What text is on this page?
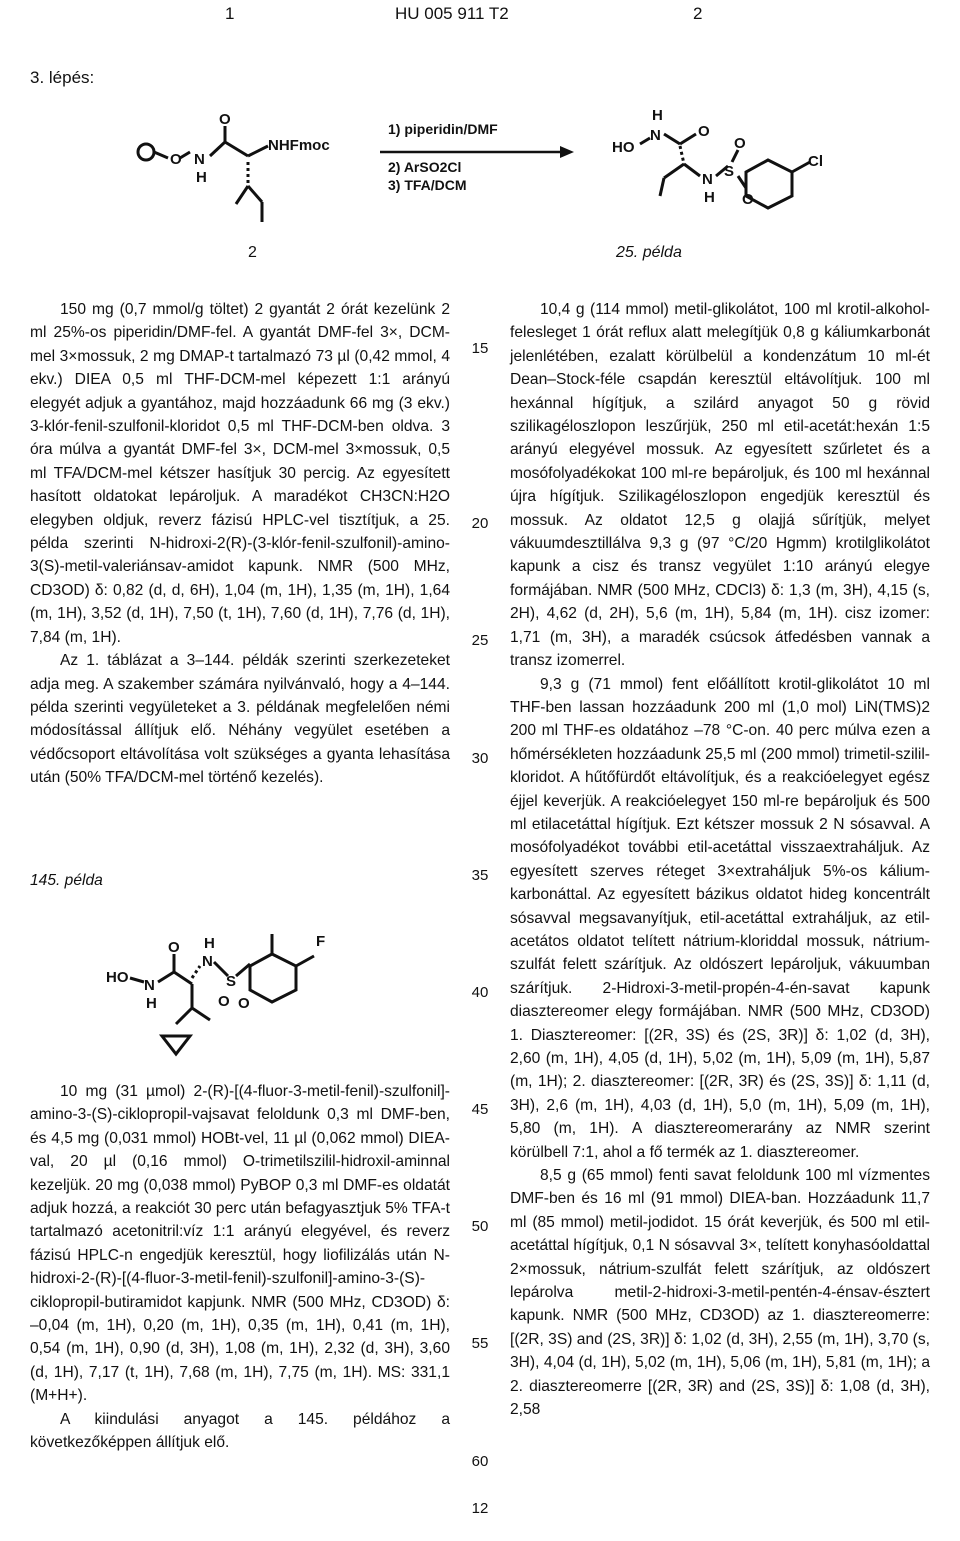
1	HU 005 911 T2	2
3. lépés:
O N
H
O
NHFmoc
1) piperidin/DMF
2) ArSO2Cl
3) TFA/DCM
HO
N
H
O
N
H
S
O
O
Cl
2	25. példa

150 mg (0,7 mmol/g töltet) 2 gyantát 2 órát kezelünk 2 ml 25%-os piperidin/DMF-fel. A gyantát DMF-fel 3×, DCM-mel 3×mossuk, 2 mg DMAP-t tartalmazó 73 µl (0,42 mmol, 4 ekv.) DIEA 0,5 ml THF-DCM-mel képezett 1:1 arányú elegyét adjuk a gyantához, majd hozzáadunk 66 mg (3 ekv.) 3-klór-fenil-szulfonil-kloridot 0,5 ml THF-DCM-ben oldva. 3 óra múlva a gyantát DMF-fel 3×, DCM-mel 3×mossuk, 0,5 ml TFA/DCM-mel kétszer hasítjuk 30 percig. Az egyesített hasított oldatokat lepároljuk. A maradékot CH3CN:H2O elegyben oldjuk, reverz fázisú HPLC-vel tisztítjuk, a 25. példa szerinti N-hidroxi-2(R)-(3-klór-fenil-szulfonil)-amino-3(S)-metil-valeriánsav-amidot kapunk. NMR (500 MHz, CD3OD) δ: 0,82 (d, d, 6H), 1,04 (m, 1H), 1,35 (m, 1H), 1,64 (m, 1H), 3,52 (d, 1H), 7,50 (t, 1H), 7,60 (d, 1H), 7,76 (d, 1H), 7,84 (m, 1H).

Az 1. táblázat a 3–144. példák szerinti szerkezeteket adja meg. A szakember számára nyilvánvaló, hogy a 4–144. példa szerinti vegyületeket a 3. példának megfelelően némi módosítással állítjuk elő. Néhány vegyület esetében a védőcsoport eltávolítása volt szükséges a gyanta lehasítása után (50% TFA/DCM-mel történő kezelés).

145. példa
HO N
H
O
N
H
S
O O
F

10 mg (31 µmol) 2-(R)-[(4-fluor-3-metil-fenil)-szulfonil]-amino-3-(S)-ciklopropil-vajsavat feloldunk 0,3 ml DMF-ben, és 4,5 mg (0,031 mmol) HOBt-vel, 11 µl (0,062 mmol) DIEA-val, 20 µl (0,16 mmol) O-trimetilszilil-hidroxil-aminnal kezeljük. 20 mg (0,038 mmol) PyBOP 0,3 ml DMF-es oldatát adjuk hozzá, a reakciót 30 perc után befagyasztjuk 5% TFA-t tartalmazó acetonitril:víz 1:1 arányú elegyével, és reverz fázisú HPLC-n engedjük keresztül, hogy liofilizálás után N-hidroxi-2-(R)-[(4-fluor-3-metil-fenil)-szulfonil]-amino-3-(S)-ciklopropil-butiramidot kapjunk. NMR (500 MHz, CD3OD) δ: –0,04 (m, 1H), 0,20 (m, 1H), 0,35 (m, 1H), 0,41 (m, 1H), 0,54 (m, 1H), 0,90 (d, 3H), 1,08 (m, 1H), 2,32 (d, 3H), 3,60 (d, 1H), 7,17 (t, 1H), 7,68 (m, 1H), 7,75 (m, 1H). MS: 331,1 (M+H+).

A kiindulási anyagot a 145. példához a következőképpen állítjuk elő.

15
20
25
30
35
40
45
50
55
60

10,4 g (114 mmol) metil-glikolátot, 100 ml krotil-alkohol-felesleget 1 órát reflux alatt melegítjük 0,8 g káliumkarbonát jelenlétében, ezalatt körülbelül a kondenzátum 10 ml-ét Dean–Stock-féle csapdán keresztül eltávolítjuk. 100 ml hexánnal hígítjuk, a szilárd anyagot 50 g rövid szilikagéloszlopon leszűrjük, 250 ml etil-acetát:hexán 1:5 arányú elegyével mossuk. Az egyesített szűrletet és a mosófolyadékokat 100 ml-re bepároljuk, és 100 ml hexánnal újra hígítjuk. Szilikagéloszlopon engedjük keresztül és mossuk. Az oldatot 12,5 g olajjá sűrítjük, melyet vákuumdesztillálva 9,3 g (97 °C/20 Hgmm) krotilglikolátot kapunk a cisz és transz vegyület 1:10 arányú elegye formájában. NMR (500 MHz, CDCl3) δ: 1,3 (m, 3H), 4,15 (s, 2H), 4,62 (d, 2H), 5,6 (m, 1H), 5,84 (m, 1H). cisz izomer: 1,71 (m, 3H), a maradék csúcsok átfedésben vannak a transz izomerrel.

9,3 g (71 mmol) fent előállított krotil-glikolátot 10 ml THF-ben lassan hozzáadunk 200 ml (1,0 mol) LiN(TMS)2 200 ml THF-es oldatához –78 °C-on. 40 perc múlva ezen a hőmérsékleten hozzáadunk 25,5 ml (200 mmol) trimetil-szilil-kloridot. A hűtőfürdőt eltávolítjuk, és a reakcióelegyet egész éjjel keverjük. A reakcióelegyet 150 ml-re bepároljuk és 500 ml etilacetáttal hígítjuk. Ezt kétszer mossuk 2 N sósavval. A mosófolyadékot további etil-acetáttal visszaextraháljuk. Az egyesített szerves réteget 3×extraháljuk 5%-os kálium-karbonáttal. Az egyesített bázikus oldatot hideg koncentrált sósavval megsavanyítjuk, etil-acetáttal extraháljuk, az etil-acetátos oldatot telített nátrium-kloriddal mossuk, nátrium-szulfát felett szárítjuk. Az oldószert lepároljuk, vákuumban szárítjuk. 2-Hidroxi-3-metil-propén-4-én-savat kapunk diasztereomer elegy formájában. NMR (500 MHz, CD3OD) 1. Diasztereomer: [(2R, 3S) és (2S, 3R)] δ: 1,02 (d, 3H), 2,60 (m, 1H), 4,05 (d, 1H), 5,02 (m, 1H), 5,09 (m, 1H), 5,87 (m, 1H); 2. diasztereomer: [(2R, 3R) és (2S, 3S)] δ: 1,11 (d, 3H), 2,6 (m, 1H), 4,03 (d, 1H), 5,0 (m, 1H), 5,09 (m, 1H), 5,80 (m, 1H). A diasztereomerarány az NMR szerint körülbell 7:1, ahol a fő termék az 1. diasztereomer.

8,5 g (65 mmol) fenti savat feloldunk 100 ml vízmentes DMF-ben és 16 ml (91 mmol) DIEA-ban. Hozzáadunk 11,7 ml (85 mmol) metil-jodidot. 15 órát keverjük, és 500 ml etil-acetáttal hígítjuk, 0,1 N sósavval 3×, telített konyhasóoldattal 2×mossuk, nátrium-szulfát felett szárítjuk, az oldószert lepárolva metil-2-hidroxi-3-metil-pentén-4-énsav-észtert kapunk. NMR (500 MHz, CD3OD) az 1. diasztereomerre: [(2R, 3S) and (2S, 3R)] δ: 1,02 (d, 3H), 2,55 (m, 1H), 3,70 (s, 3H), 4,04 (d, 1H), 5,02 (m, 1H), 5,06 (m, 1H), 5,81 (m, 1H); a 2. diasztereomerre [(2R, 3R) and (2S, 3S)] δ: 1,08 (d, 3H), 2,58

12
